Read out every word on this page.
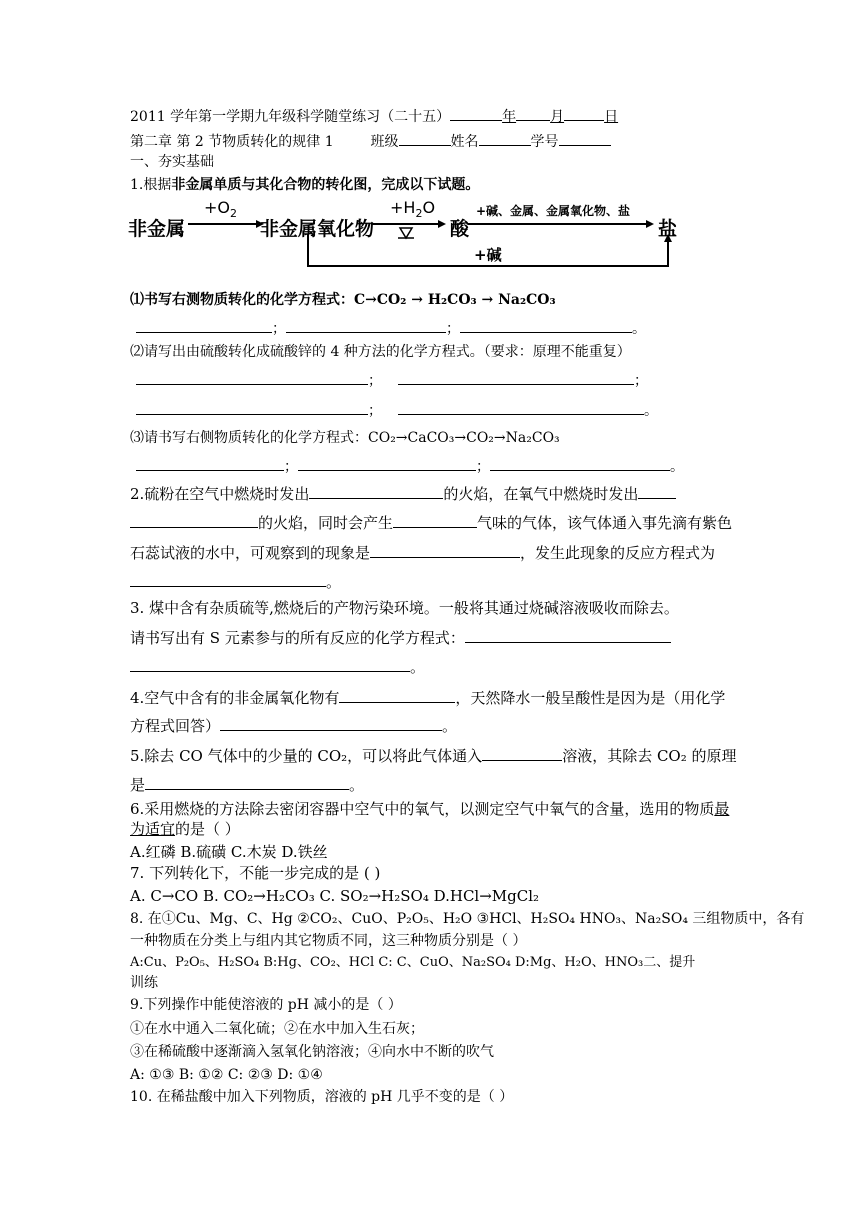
2011 学年第一学期九年级科学随堂练习（二十五）	年 月	日
第二章 第 2 节物质转化的规律 1	班级	姓名	学号
一、夯实基础
1.根据非金属单质与其化合物的转化图，完成以下试题。
非金属
$+O_2$
非金属氧化物
$+H_2O$
酸
+碱、金属、金属氧化物、盐
盐
+碱
⑴书写右测物质转化的化学方程式：C→CO₂ → H₂CO₃ → Na₂CO₃
；	；	。
⑵请写出由硫酸转化成硫酸锌的 4 种方法的化学方程式。（要求：原理不能重复）
；	；
；	。
⑶请书写右侧物质转化的化学方程式：CO₂→CaCO₃→CO₂→Na₂CO₃
；	；	。
2.硫粉在空气中燃烧时发出	的火焰，在氧气中燃烧时发出
的火焰，同时会产生	气味的气体，该气体通入事先滴有紫色
石蕊试液的水中，可观察到的现象是	，发生此现象的反应方程式为
。
3. 煤中含有杂质硫等,燃烧后的产物污染环境。一般将其通过烧碱溶液吸收而除去。
请书写出有 S 元素参与的所有反应的化学方程式：
。
4.空气中含有的非金属氧化物有	，天然降水一般呈酸性是因为是（用化学
方程式回答）	。
5.除去 CO 气体中的少量的 CO₂，可以将此气体通入	溶液，其除去 CO₂ 的原理
是	。
6.采用燃烧的方法除去密闭容器中空气中的氧气，以测定空气中氧气的含量，选用的物质最
为适宜的是（ ）
A.红磷 B.硫磺 C.木炭 D.铁丝
7. 下列转化下，不能一步完成的是 ( )
A. C→CO B. CO₂→H₂CO₃ C. SO₂→H₂SO₄ D.HCl→MgCl₂
8. 在①Cu、Mg、C、Hg ②CO₂、CuO、P₂O₅、H₂O ③HCl、H₂SO₄ HNO₃、Na₂SO₄ 三组物质中，各有
一种物质在分类上与组内其它物质不同，这三种物质分别是（ ）
A:Cu、P₂O₅、H₂SO₄ B:Hg、CO₂、HCl C: C、CuO、Na₂SO₄ D:Mg、H₂O、HNO₃二、提升
训练
9.下列操作中能使溶液的 pH 减小的是（ ）
①在水中通入二氧化硫；②在水中加入生石灰；
③在稀硫酸中逐渐滴入氢氧化钠溶液；④向水中不断的吹气
A: ①③ B: ①② C: ②③ D: ①④
10. 在稀盐酸中加入下列物质，溶液的 pH 几乎不变的是（ ）
